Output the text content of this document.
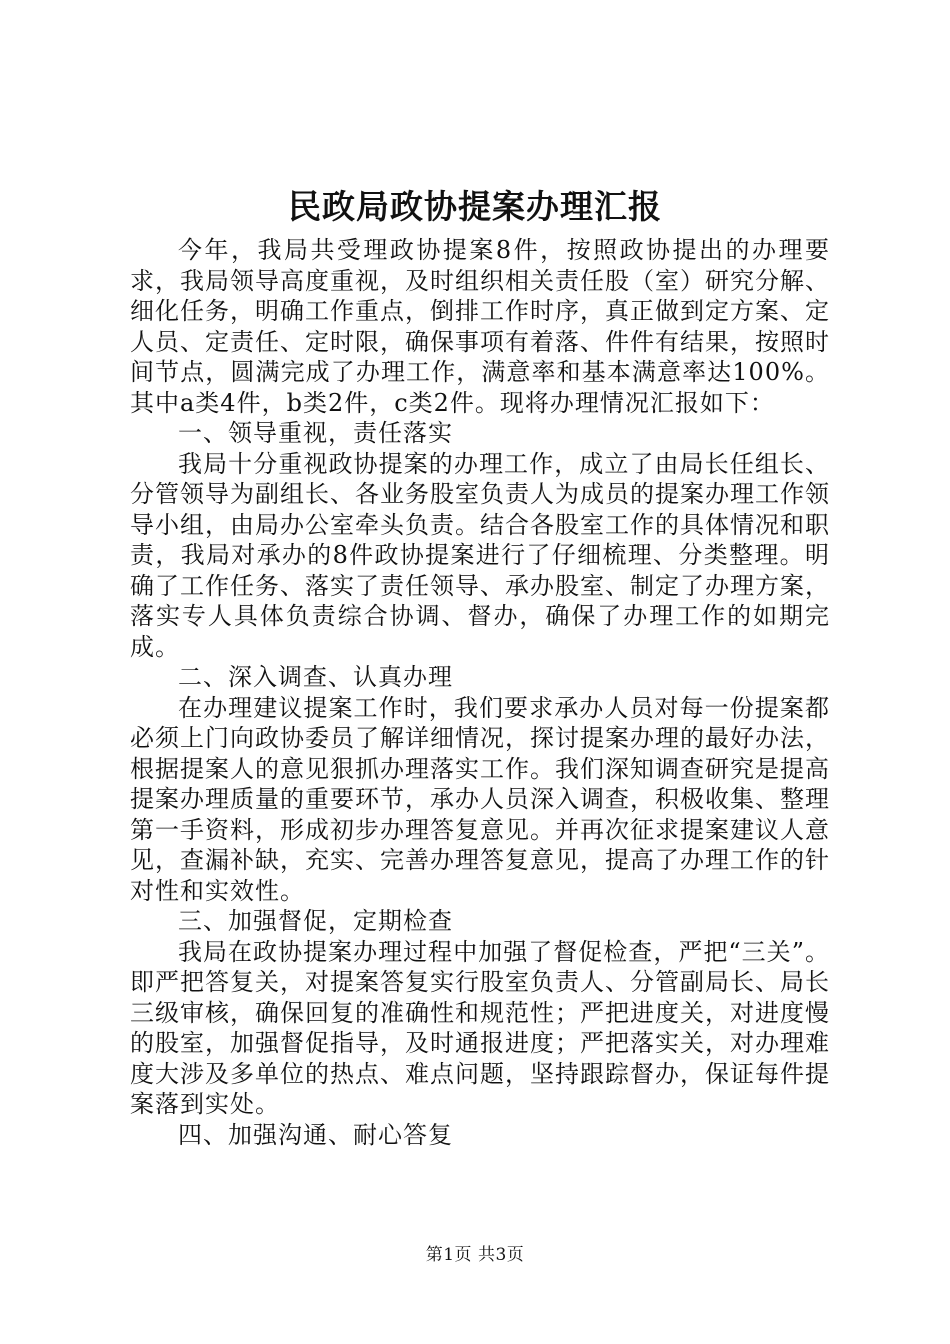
民政局政协提案办理汇报

今年，我局共受理政协提案8件，按照政协提出的办理要求，我局领导高度重视，及时组织相关责任股（室）研究分解、细化任务，明确工作重点，倒排工作时序，真正做到定方案、定人员、定责任、定时限，确保事项有着落、件件有结果，按照时间节点，圆满完成了办理工作，满意率和基本满意率达100%。其中a类4件，b类2件，c类2件。现将办理情况汇报如下：

一、领导重视，责任落实

我局十分重视政协提案的办理工作，成立了由局长任组长、分管领导为副组长、各业务股室负责人为成员的提案办理工作领导小组，由局办公室牵头负责。结合各股室工作的具体情况和职责，我局对承办的8件政协提案进行了仔细梳理、分类整理。明确了工作任务、落实了责任领导、承办股室、制定了办理方案，落实专人具体负责综合协调、督办，确保了办理工作的如期完成。

二、深入调查、认真办理

在办理建议提案工作时，我们要求承办人员对每一份提案都必须上门向政协委员了解详细情况，探讨提案办理的最好办法，根据提案人的意见狠抓办理落实工作。我们深知调查研究是提高提案办理质量的重要环节，承办人员深入调查，积极收集、整理第一手资料，形成初步办理答复意见。并再次征求提案建议人意见，查漏补缺，充实、完善办理答复意见，提高了办理工作的针对性和实效性。

三、加强督促，定期检查

我局在政协提案办理过程中加强了督促检查，严把“三关”。即严把答复关，对提案答复实行股室负责人、分管副局长、局长三级审核，确保回复的准确性和规范性；严把进度关，对进度慢的股室，加强督促指导，及时通报进度；严把落实关，对办理难度大涉及多单位的热点、难点问题，坚持跟踪督办，保证每件提案落到实处。

四、加强沟通、耐心答复

第1页 共3页
